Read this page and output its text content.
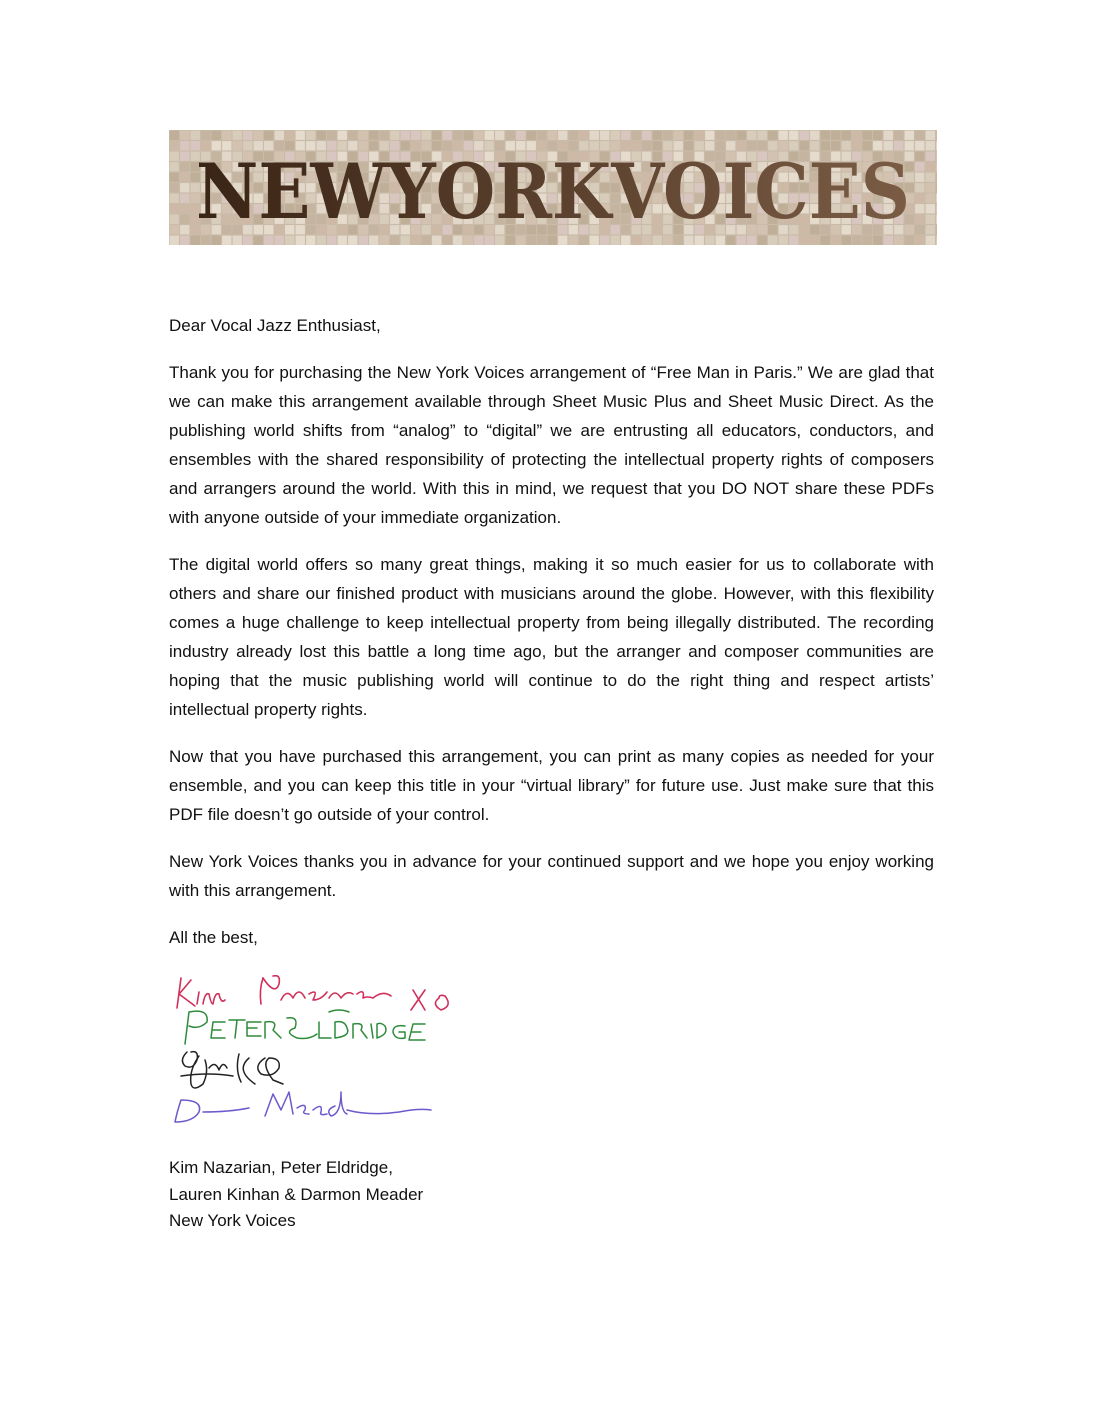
NEWYORKVOICES

Dear Vocal Jazz Enthusiast,

Thank you for purchasing the New York Voices arrangement of “Free Man in Paris.” We are glad that we can make this arrangement available through Sheet Music Plus and Sheet Music Direct. As the publishing world shifts from “analog” to “digital” we are entrusting all educators, conductors, and ensembles with the shared responsibility of protecting the intellectual property rights of composers and arrangers around the world. With this in mind, we request that you DO NOT share these PDFs with anyone outside of your immediate organization.

The digital world offers so many great things, making it so much easier for us to collaborate with others and share our finished product with musicians around the globe. However, with this flexibility comes a huge challenge to keep intellectual property from being illegally distributed. The recording industry already lost this battle a long time ago, but the arranger and composer communities are hoping that the music publishing world will continue to do the right thing and respect artists’ intellectual property rights.

Now that you have purchased this arrangement, you can print as many copies as needed for your ensemble, and you can keep this title in your “virtual library” for future use. Just make sure that this PDF file doesn’t go outside of your control.

New York Voices thanks you in advance for your continued support and we hope you enjoy working with this arrangement.

All the best,

Kim Nazarian, Peter Eldridge,
Lauren Kinhan & Darmon Meader
New York Voices
